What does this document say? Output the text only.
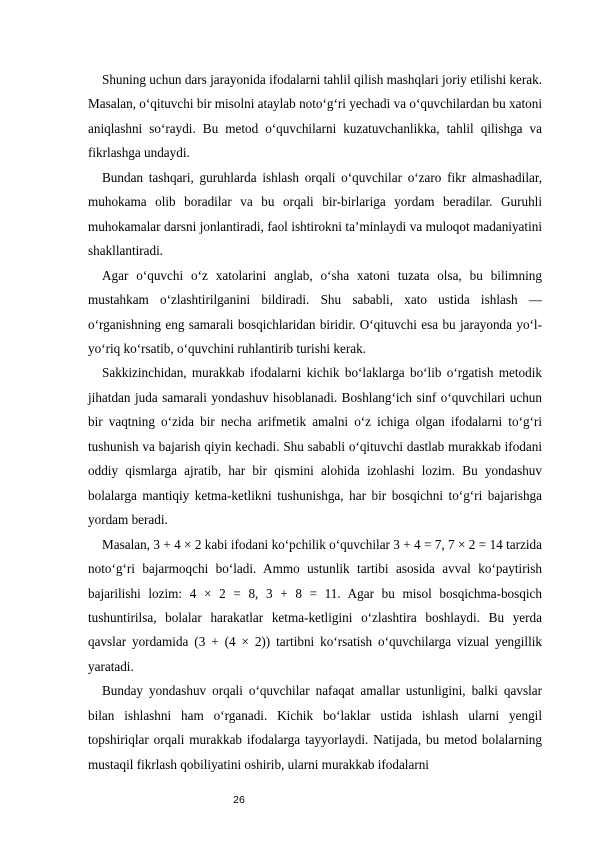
Shuning uchun dars jarayonida ifodalarni tahlil qilish mashqlari joriy etilishi kerak. Masalan, o‘qituvchi bir misolni ataylab noto‘g‘ri yechadi va o‘quvchilardan bu xatoni aniqlashni so‘raydi. Bu metod o‘quvchilarni kuzatuvchanlikka, tahlil qilishga va fikrlashga undaydi.

Bundan tashqari, guruhlarda ishlash orqali o‘quvchilar o‘zaro fikr almashadilar, muhokama olib boradilar va bu orqali bir-birlariga yordam beradilar. Guruhli muhokamalar darsni jonlantiradi, faol ishtirokni ta’minlaydi va muloqot madaniyatini shakllantiradi.

Agar o‘quvchi o‘z xatolarini anglab, o‘sha xatoni tuzata olsa, bu bilimning mustahkam o‘zlashtirilganini bildiradi. Shu sababli, xato ustida ishlash — o‘rganishning eng samarali bosqichlaridan biridir. O‘qituvchi esa bu jarayonda yo‘l-yo‘riq ko‘rsatib, o‘quvchini ruhlantirib turishi kerak.

Sakkizinchidan, murakkab ifodalarni kichik bo‘laklarga bo‘lib o‘rgatish metodik jihatdan juda samarali yondashuv hisoblanadi. Boshlang‘ich sinf o‘quvchilari uchun bir vaqtning o‘zida bir necha arifmetik amalni o‘z ichiga olgan ifodalarni to‘g‘ri tushunish va bajarish qiyin kechadi. Shu sababli o‘qituvchi dastlab murakkab ifodani oddiy qismlarga ajratib, har bir qismini alohida izohlashi lozim. Bu yondashuv bolalarga mantiqiy ketma-ketlikni tushunishga, har bir bosqichni to‘g‘ri bajarishga yordam beradi.

Masalan, 3 + 4 × 2 kabi ifodani ko‘pchilik o‘quvchilar 3 + 4 = 7, 7 × 2 = 14 tarzida noto‘g‘ri bajarmoqchi bo‘ladi. Ammo ustunlik tartibi asosida avval ko‘paytirish bajarilishi lozim: 4 × 2 = 8, 3 + 8 = 11. Agar bu misol bosqichma-bosqich tushuntirilsa, bolalar harakatlar ketma-ketligini o‘zlashtira boshlaydi. Bu yerda qavslar yordamida (3 + (4 × 2)) tartibni ko‘rsatish o‘quvchilarga vizual yengillik yaratadi.

Bunday yondashuv orqali o‘quvchilar nafaqat amallar ustunligini, balki qavslar bilan ishlashni ham o‘rganadi. Kichik bo‘laklar ustida ishlash ularni yengil topshiriqlar orqali murakkab ifodalarga tayyorlaydi. Natijada, bu metod bolalarning mustaqil fikrlash qobiliyatini oshirib, ularni murakkab ifodalarni

26
